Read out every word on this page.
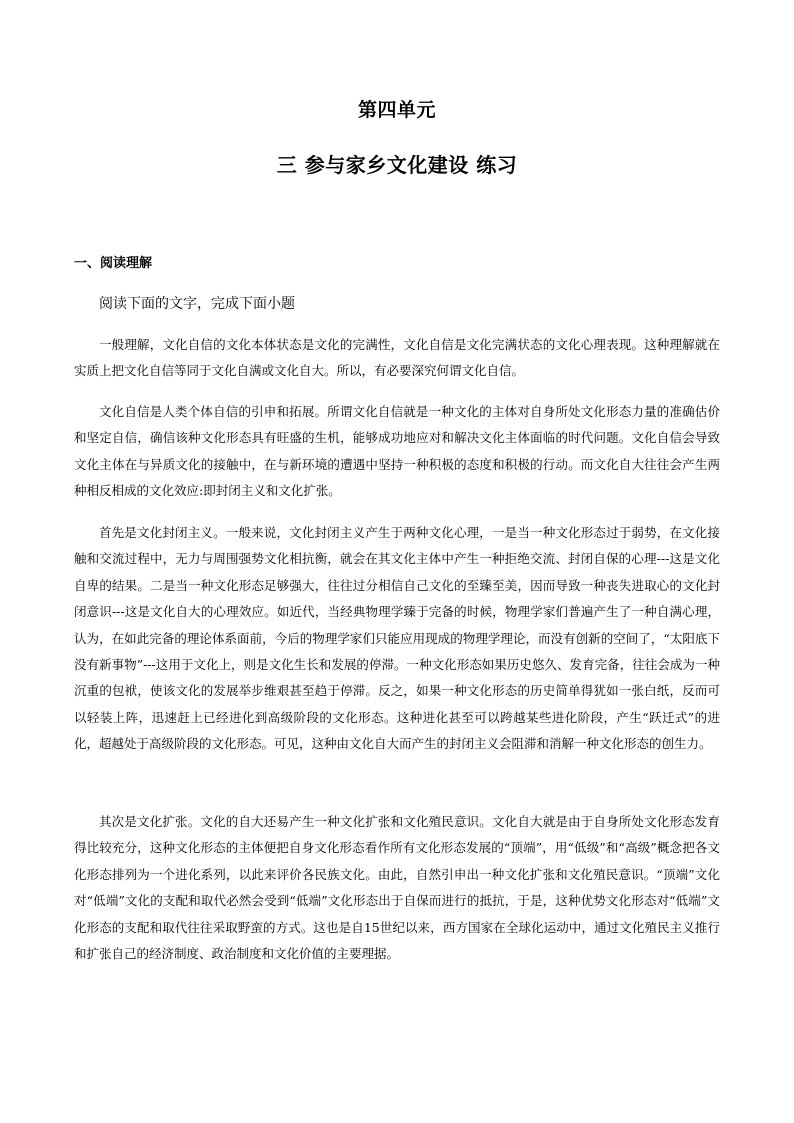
第四单元
三 参与家乡文化建设 练习
一、阅读理解
阅读下面的文字，完成下面小题

一般理解，文化自信的文化本体状态是文化的完满性，文化自信是文化完满状态的文化心理表现。这种理解就在实质上把文化自信等同于文化自满或文化自大。所以，有必要深究何谓文化自信。

文化自信是人类个体自信的引申和拓展。所谓文化自信就是一种文化的主体对自身所处文化形态力量的准确估价和坚定自信，确信该种文化形态具有旺盛的生机，能够成功地应对和解决文化主体面临的时代问题。文化自信会导致文化主体在与异质文化的接触中，在与新环境的遭遇中坚持一种积极的态度和积极的行动。而文化自大往往会产生两种相反相成的文化效应:即封闭主义和文化扩张。

首先是文化封闭主义。一般来说，文化封闭主义产生于两种文化心理，一是当一种文化形态过于弱势，在文化接触和交流过程中，无力与周围强势文化相抗衡，就会在其文化主体中产生一种拒绝交流、封闭自保的心理---这是文化自卑的结果。二是当一种文化形态足够强大，往往过分相信自己文化的至臻至美，因而导致一种丧失进取心的文化封闭意识---这是文化自大的心理效应。如近代，当经典物理学臻于完备的时候，物理学家们普遍产生了一种自满心理，认为，在如此完备的理论体系面前，今后的物理学家们只能应用现成的物理学理论，而没有创新的空间了，“太阳底下没有新事物”---这用于文化上，则是文化生长和发展的停滞。一种文化形态如果历史悠久、发育完备，往往会成为一种沉重的包袱，使该文化的发展举步维艰甚至趋于停滞。反之，如果一种文化形态的历史简单得犹如一张白纸，反而可以轻装上阵，迅速赶上已经进化到高级阶段的文化形态。这种进化甚至可以跨越某些进化阶段，产生“跃迁式”的进化，超越处于高级阶段的文化形态。可见，这种由文化自大而产生的封闭主义会阻滞和消解一种文化形态的创生力。

其次是文化扩张。文化的自大还易产生一种文化扩张和文化殖民意识。文化自大就是由于自身所处文化形态发育得比较充分，这种文化形态的主体便把自身文化形态看作所有文化形态发展的“顶端”，用“低级”和“高级”概念把各文化形态排列为一个进化系列，以此来评价各民族文化。由此，自然引申出一种文化扩张和文化殖民意识。“顶端”文化对“低端”文化的支配和取代必然会受到“低端”文化形态出于自保而进行的抵抗，于是，这种优势文化形态对“低端”文化形态的支配和取代往往采取野蛮的方式。这也是自15世纪以来，西方国家在全球化运动中，通过文化殖民主义推行和扩张自己的经济制度、政治制度和文化价值的主要理据。
